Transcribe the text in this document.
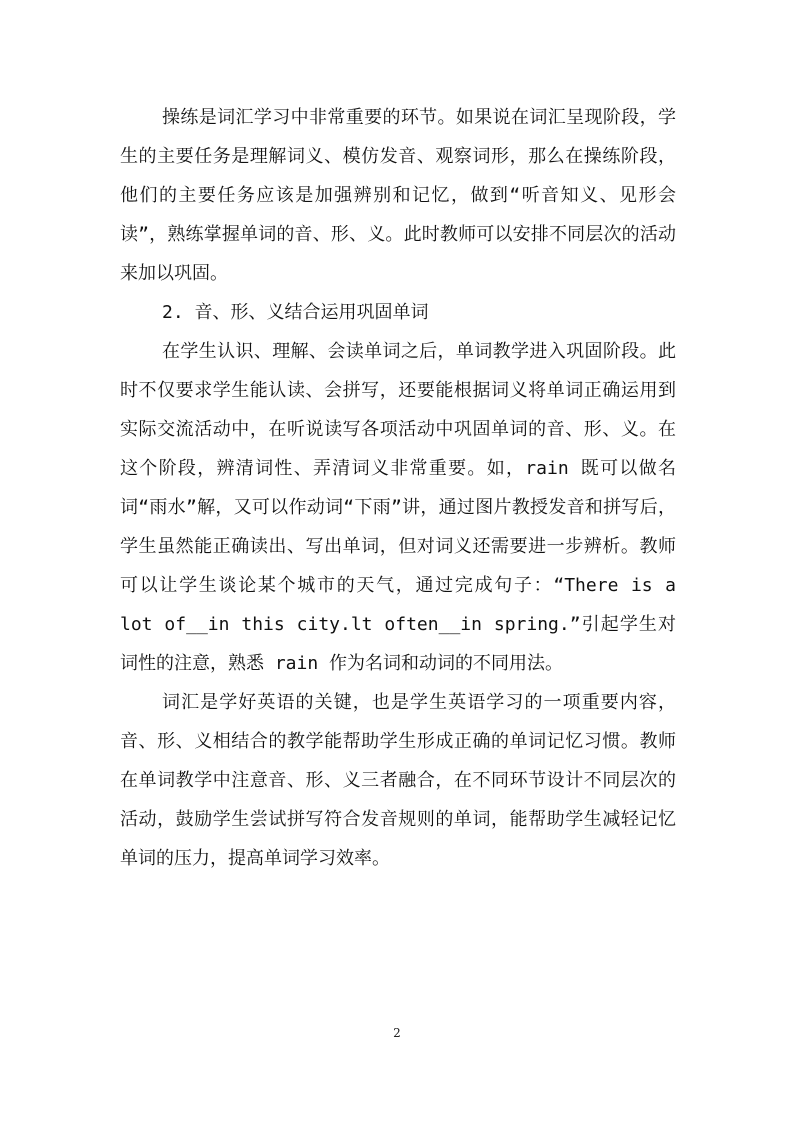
操练是词汇学习中非常重要的环节。如果说在词汇呈现阶段，学生的主要任务是理解词义、模仿发音、观察词形，那么在操练阶段，他们的主要任务应该是加强辨别和记忆，做到“听音知义、见形会读”，熟练掌握单词的音、形、义。此时教师可以安排不同层次的活动来加以巩固。

2. 音、形、义结合运用巩固单词

在学生认识、理解、会读单词之后，单词教学进入巩固阶段。此时不仅要求学生能认读、会拼写，还要能根据词义将单词正确运用到实际交流活动中，在听说读写各项活动中巩固单词的音、形、义。在这个阶段，辨清词性、弄清词义非常重要。如，rain 既可以做名词“雨水”解，又可以作动词“下雨”讲，通过图片教授发音和拼写后，学生虽然能正确读出、写出单词，但对词义还需要进一步辨析。教师可以让学生谈论某个城市的天气，通过完成句子：“There is a lot of__in this city.lt often__in spring.”引起学生对词性的注意，熟悉 rain 作为名词和动词的不同用法。

词汇是学好英语的关键，也是学生英语学习的一项重要内容，音、形、义相结合的教学能帮助学生形成正确的单词记忆习惯。教师在单词教学中注意音、形、义三者融合，在不同环节设计不同层次的活动，鼓励学生尝试拼写符合发音规则的单词，能帮助学生减轻记忆单词的压力，提高单词学习效率。

2
